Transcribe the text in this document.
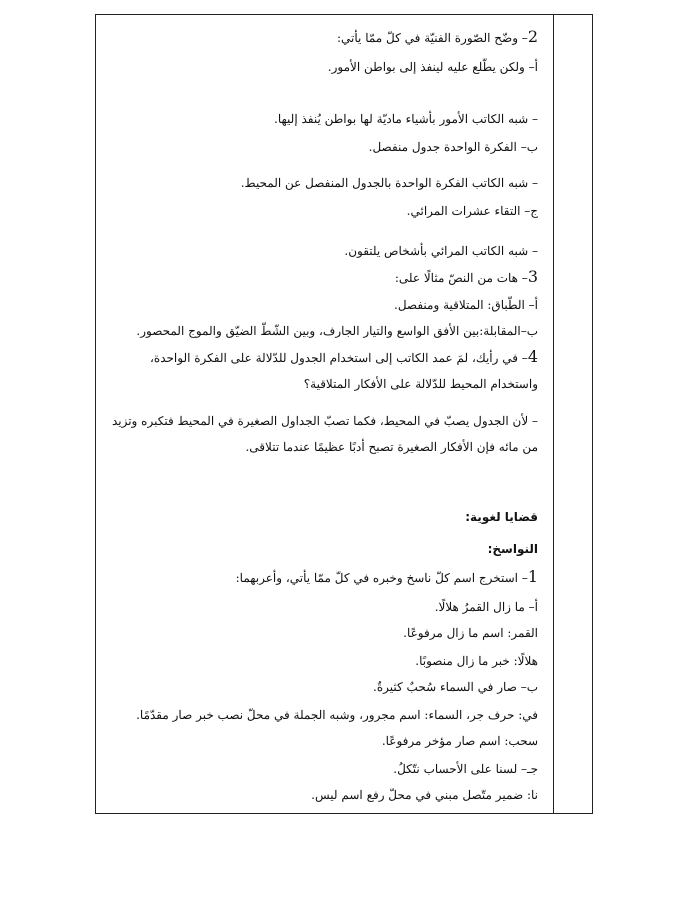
2– وضّح الصّورة الفنيّة في كلّ ممّا يأتي:
أ– ولكن يطّلع عليه لينفذ إلى بواطن الأمور.
– شبه الكاتب الأمور بأشياء ماديّة لها بواطن يُنفذ إليها.
ب– الفكرة الواحدة جدول منفصل.
– شبه الكاتب الفكرة الواحدة بالجدول المنفصل عن المحيط.
ج– التقاء عشرات المرائي.
– شبه الكاتب المرائي بأشخاص يلتقون.
3– هات من النصّ مثالًا على:
أ– الطّباق: المتلاقية ومنفصل.
ب–المقابلة:بين الأفق الواسع والتيار الجارف، وبين الشّطّ الضيّق والموج المحصور.
4– في رأيك، لمَ عمد الكاتب إلى استخدام الجدول للدّلالة على الفكرة الواحدة، واستخدام المحيط للدّلالة على الأفكار المتلاقية؟
– لأن الجدول يصبّ في المحيط، فكما تصبّ الجداول الصغيرة في المحيط فتكبره وتزيد من مائه فإن الأفكار الصغيرة تصبح أدبًا عظيمًا عندما تتلاقى.
قضايا لغوية:
النواسخ:
1– استخرج اسم كلّ ناسخ وخبره في كلّ ممّا يأتي، وأعربهما:
أ– ما زال القمرُ هلالًا.
القمر: اسم ما زال مرفوعًا.
هلالًا: خبر ما زال منصوبًا.
ب– صار في السماء سُحبٌ كثيرةٌ.
في: حرف جر، السماء: اسم مجرور، وشبه الجملة في محلّ نصب خبر صار مقدّمًا.
سحب: اسم صار مؤخر مرفوعًا.
جـ– لسنا على الأحساب نتّكلُ.
نا: ضمير متّصل مبني في محلّ رفع اسم ليس.
